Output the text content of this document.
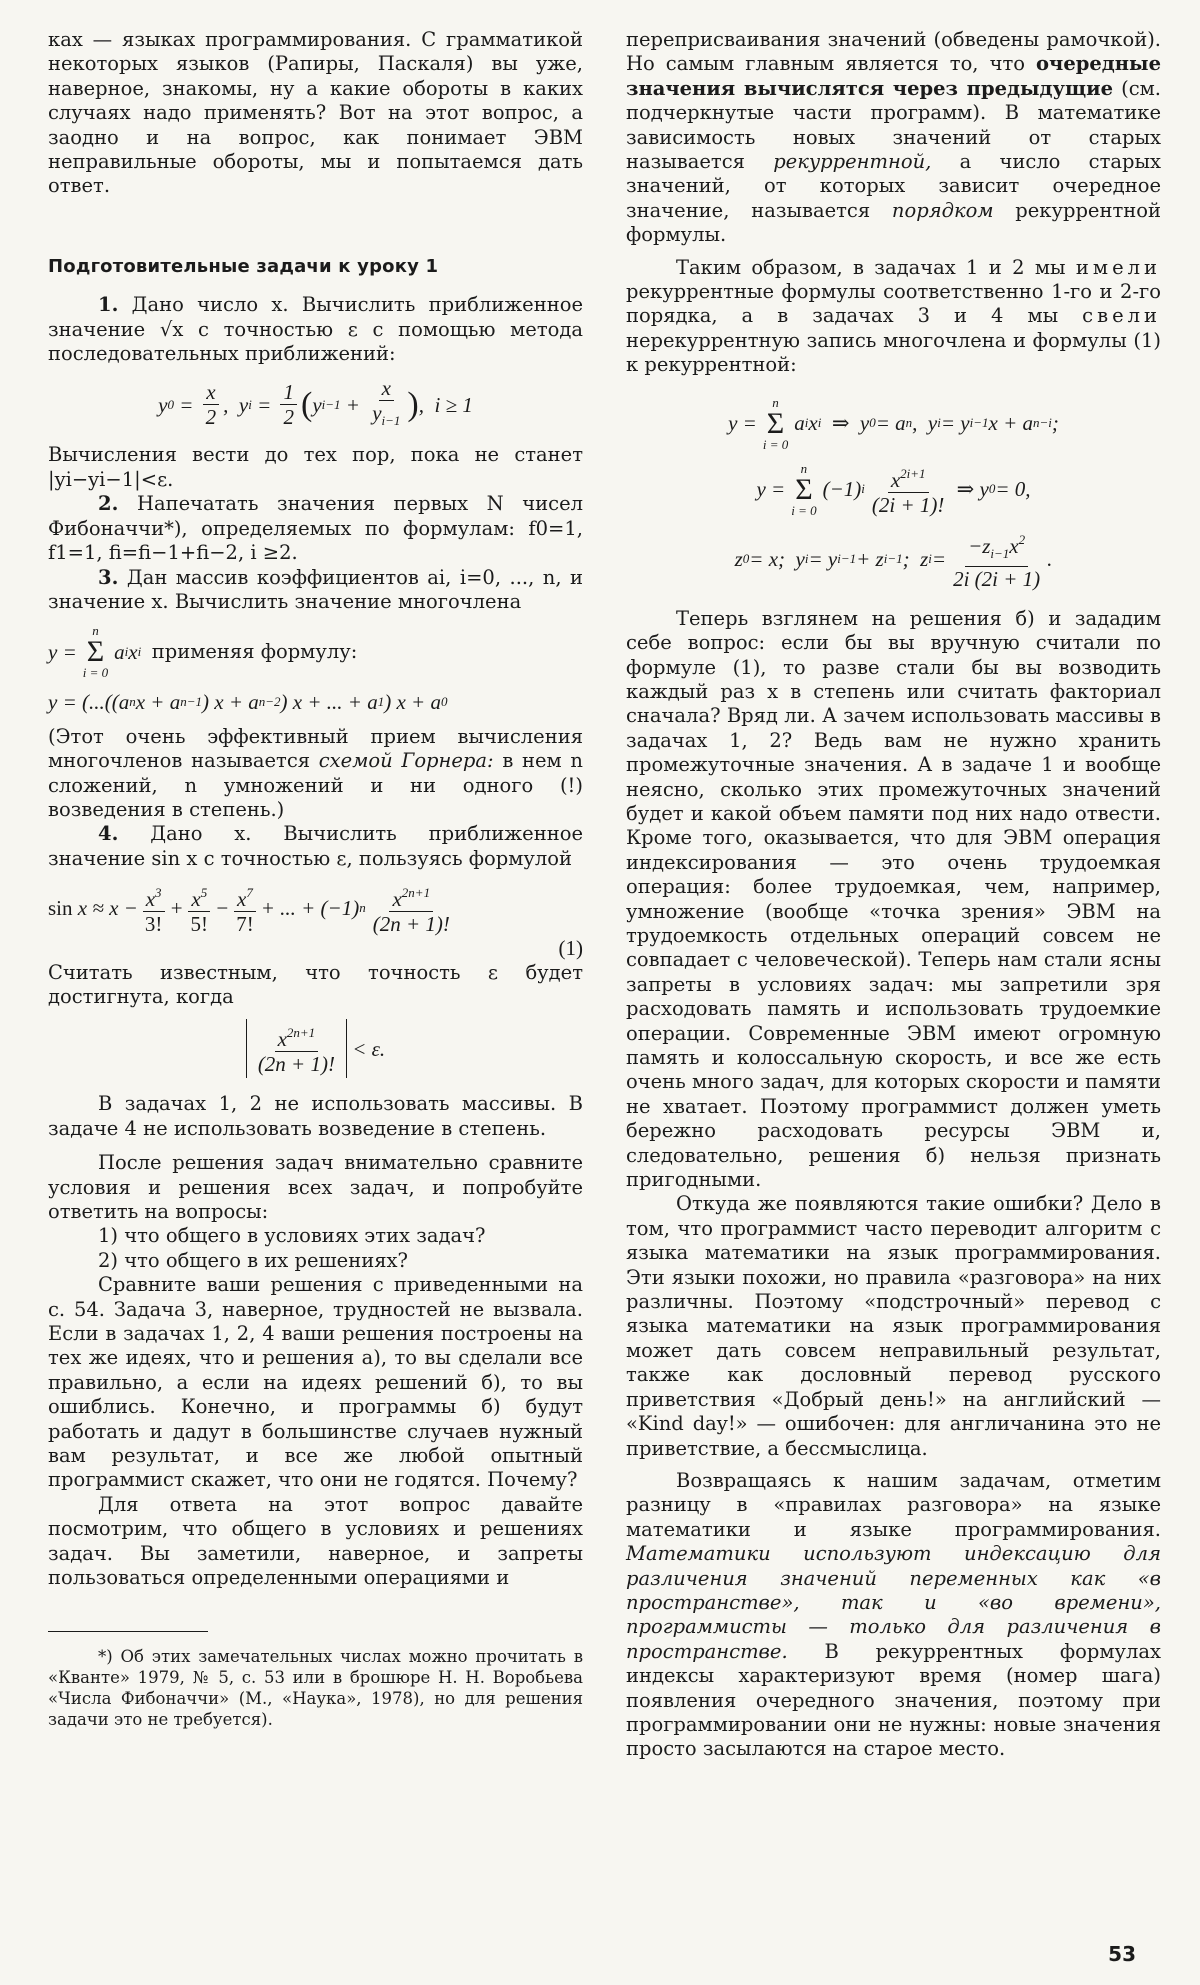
ках — языках программирования. С грамматикой некоторых языков (Рапиры, Паскаля) вы уже, наверное, знакомы, ну а какие обороты в каких случаях надо применять? Вот на этот вопрос, а заодно и на вопрос, как понимает ЭВМ неправильные обороты, мы и попытаемся дать ответ.

Подготовительные задачи к уроку 1

1. Дано число x. Вычислить приближенное значение √x с точностью ε с помощью метода последовательных приближений:

y $0 = \frac{x}{2}$ ,  y $i = \frac{1}{2}$ ( y $i-1 + \frac{x}{y_{i-1}}$ ) ,  i ≥ 1

Вычисления вести до тех пор, пока не станет |yi−yi−1|<ε.

2. Напечатать значения первых N чисел Фибоначчи*), определяемых по формулам: f0=1, f1=1, fi=fi−1+fi−2, i ≥2.

3. Дан массив коэффициентов ai, i=0, ..., n, и значение x. Вычислить значение многочлена

y =
n
Σ
i = 0
a i x i
применяя формулу:
y = (...((a n x + a n−1 ) x + a n−2 ) x + ... + a 1 ) x + a 0

(Этот очень эффективный прием вычисления многочленов называется схемой Горнера: в нем n сложений, n умножений и ни одного (!) возведения в степень.)

4. Дано x. Вычислить приближенное значение sin x с точностью ε, пользуясь формулой

$\sin x \approx x - \frac{x^3}{3!} + \frac{x^5}{5!} - \frac{x^7}{7!}$ + ... + (−1) n $\frac{x^{2n+1}}{(2n + 1)!}$
(1)

Считать известным, что точность ε будет достигнута, когда

$\frac{x^{2n+1}}{(2n + 1)!} < \varepsilon$.

В задачах 1, 2 не использовать массивы. В задаче 4 не использовать возведение в степень.

После решения задач внимательно сравните условия и решения всех задач, и попробуйте ответить на вопросы:

1) что общего в условиях этих задач?

2) что общего в их решениях?

Сравните ваши решения с приведенными на с. 54. Задача 3, наверное, трудностей не вызвала. Если в задачах 1, 2, 4 ваши решения построены на тех же идеях, что и решения а), то вы сделали все правильно, а если на идеях решений б), то вы ошиблись. Конечно, и программы б) будут работать и дадут в большинстве случаев нужный вам результат, и все же любой опытный программист скажет, что они не годятся. Почему?

Для ответа на этот вопрос давайте посмотрим, что общего в условиях и решениях задач. Вы заметили, наверное, и запреты пользоваться определенными операциями и

*) Об этих замечательных числах можно прочитать в «Кванте» 1979, № 5, с. 53 или в брошюре Н. Н. Воробьева «Числа Фибоначчи» (М., «Наука», 1978), но для решения задачи это не требуется).

переприсваивания значений (обведены рамочкой). Но самым главным является то, что очередные значения вычислятся через предыдущие (см. подчеркнутые части программ). В математике зависимость новых значений от старых называется рекуррентной, а число старых значений, от которых зависит очередное значение, называется порядком рекуррентной формулы.

Таким образом, в задачах 1 и 2 мы имели рекуррентные формулы соответственно 1-го и 2-го порядка, а в задачах 3 и 4 мы свели нерекуррентную запись многочлена и формулы (1) к рекуррентной:

y =
n
Σ
i = 0
a i x i ⇒  y 0 = a n ,  y i = y i−1 x + a n−i ;
y =
n
Σ
i = 0
(−1) i $\frac{x^{2i+1}}{(2i + 1)!}$ ⇒ y 0 = 0,
z 0 = x;  y i = y i−1 + z i−1 ;  z $i = \frac{-z_{i-1}x^2}{2i (2i + 1)}$ .

Теперь взглянем на решения б) и зададим себе вопрос: если бы вы вручную считали по формуле (1), то разве стали бы вы возводить каждый раз x в степень или считать факториал сначала? Вряд ли. А зачем использовать массивы в задачах 1, 2? Ведь вам не нужно хранить промежуточные значения. А в задаче 1 и вообще неясно, сколько этих промежуточных значений будет и какой объем памяти под них надо отвести. Кроме того, оказывается, что для ЭВМ операция индексирования — это очень трудоемкая операция: более трудоемкая, чем, например, умножение (вообще «точка зрения» ЭВМ на трудоемкость отдельных операций совсем не совпадает с человеческой). Теперь нам стали ясны запреты в условиях задач: мы запретили зря расходовать память и использовать трудоемкие операции. Современные ЭВМ имеют огромную память и колоссальную скорость, и все же есть очень много задач, для которых скорости и памяти не хватает. Поэтому программист должен уметь бережно расходовать ресурсы ЭВМ и, следовательно, решения б) нельзя признать пригодными.

Откуда же появляются такие ошибки? Дело в том, что программист часто переводит алгоритм с языка математики на язык программирования. Эти языки похожи, но правила «разговора» на них различны. Поэтому «подстрочный» перевод с языка математики на язык программирования может дать совсем неправильный результат, также как дословный перевод русского приветствия «Добрый день!» на английский — «Kind day!» — ошибочен: для англичанина это не приветствие, а бессмыслица.

Возвращаясь к нашим задачам, отметим разницу в «правилах разговора» на языке математики и языке программирования. Математики используют индексацию для различения значений переменных как «в пространстве», так и «во времени», программисты — только для различения в пространстве. В рекуррентных формулах индексы характеризуют время (номер шага) появления очередного значения, поэтому при программировании они не нужны: новые значения просто засылаются на старое место.

53
